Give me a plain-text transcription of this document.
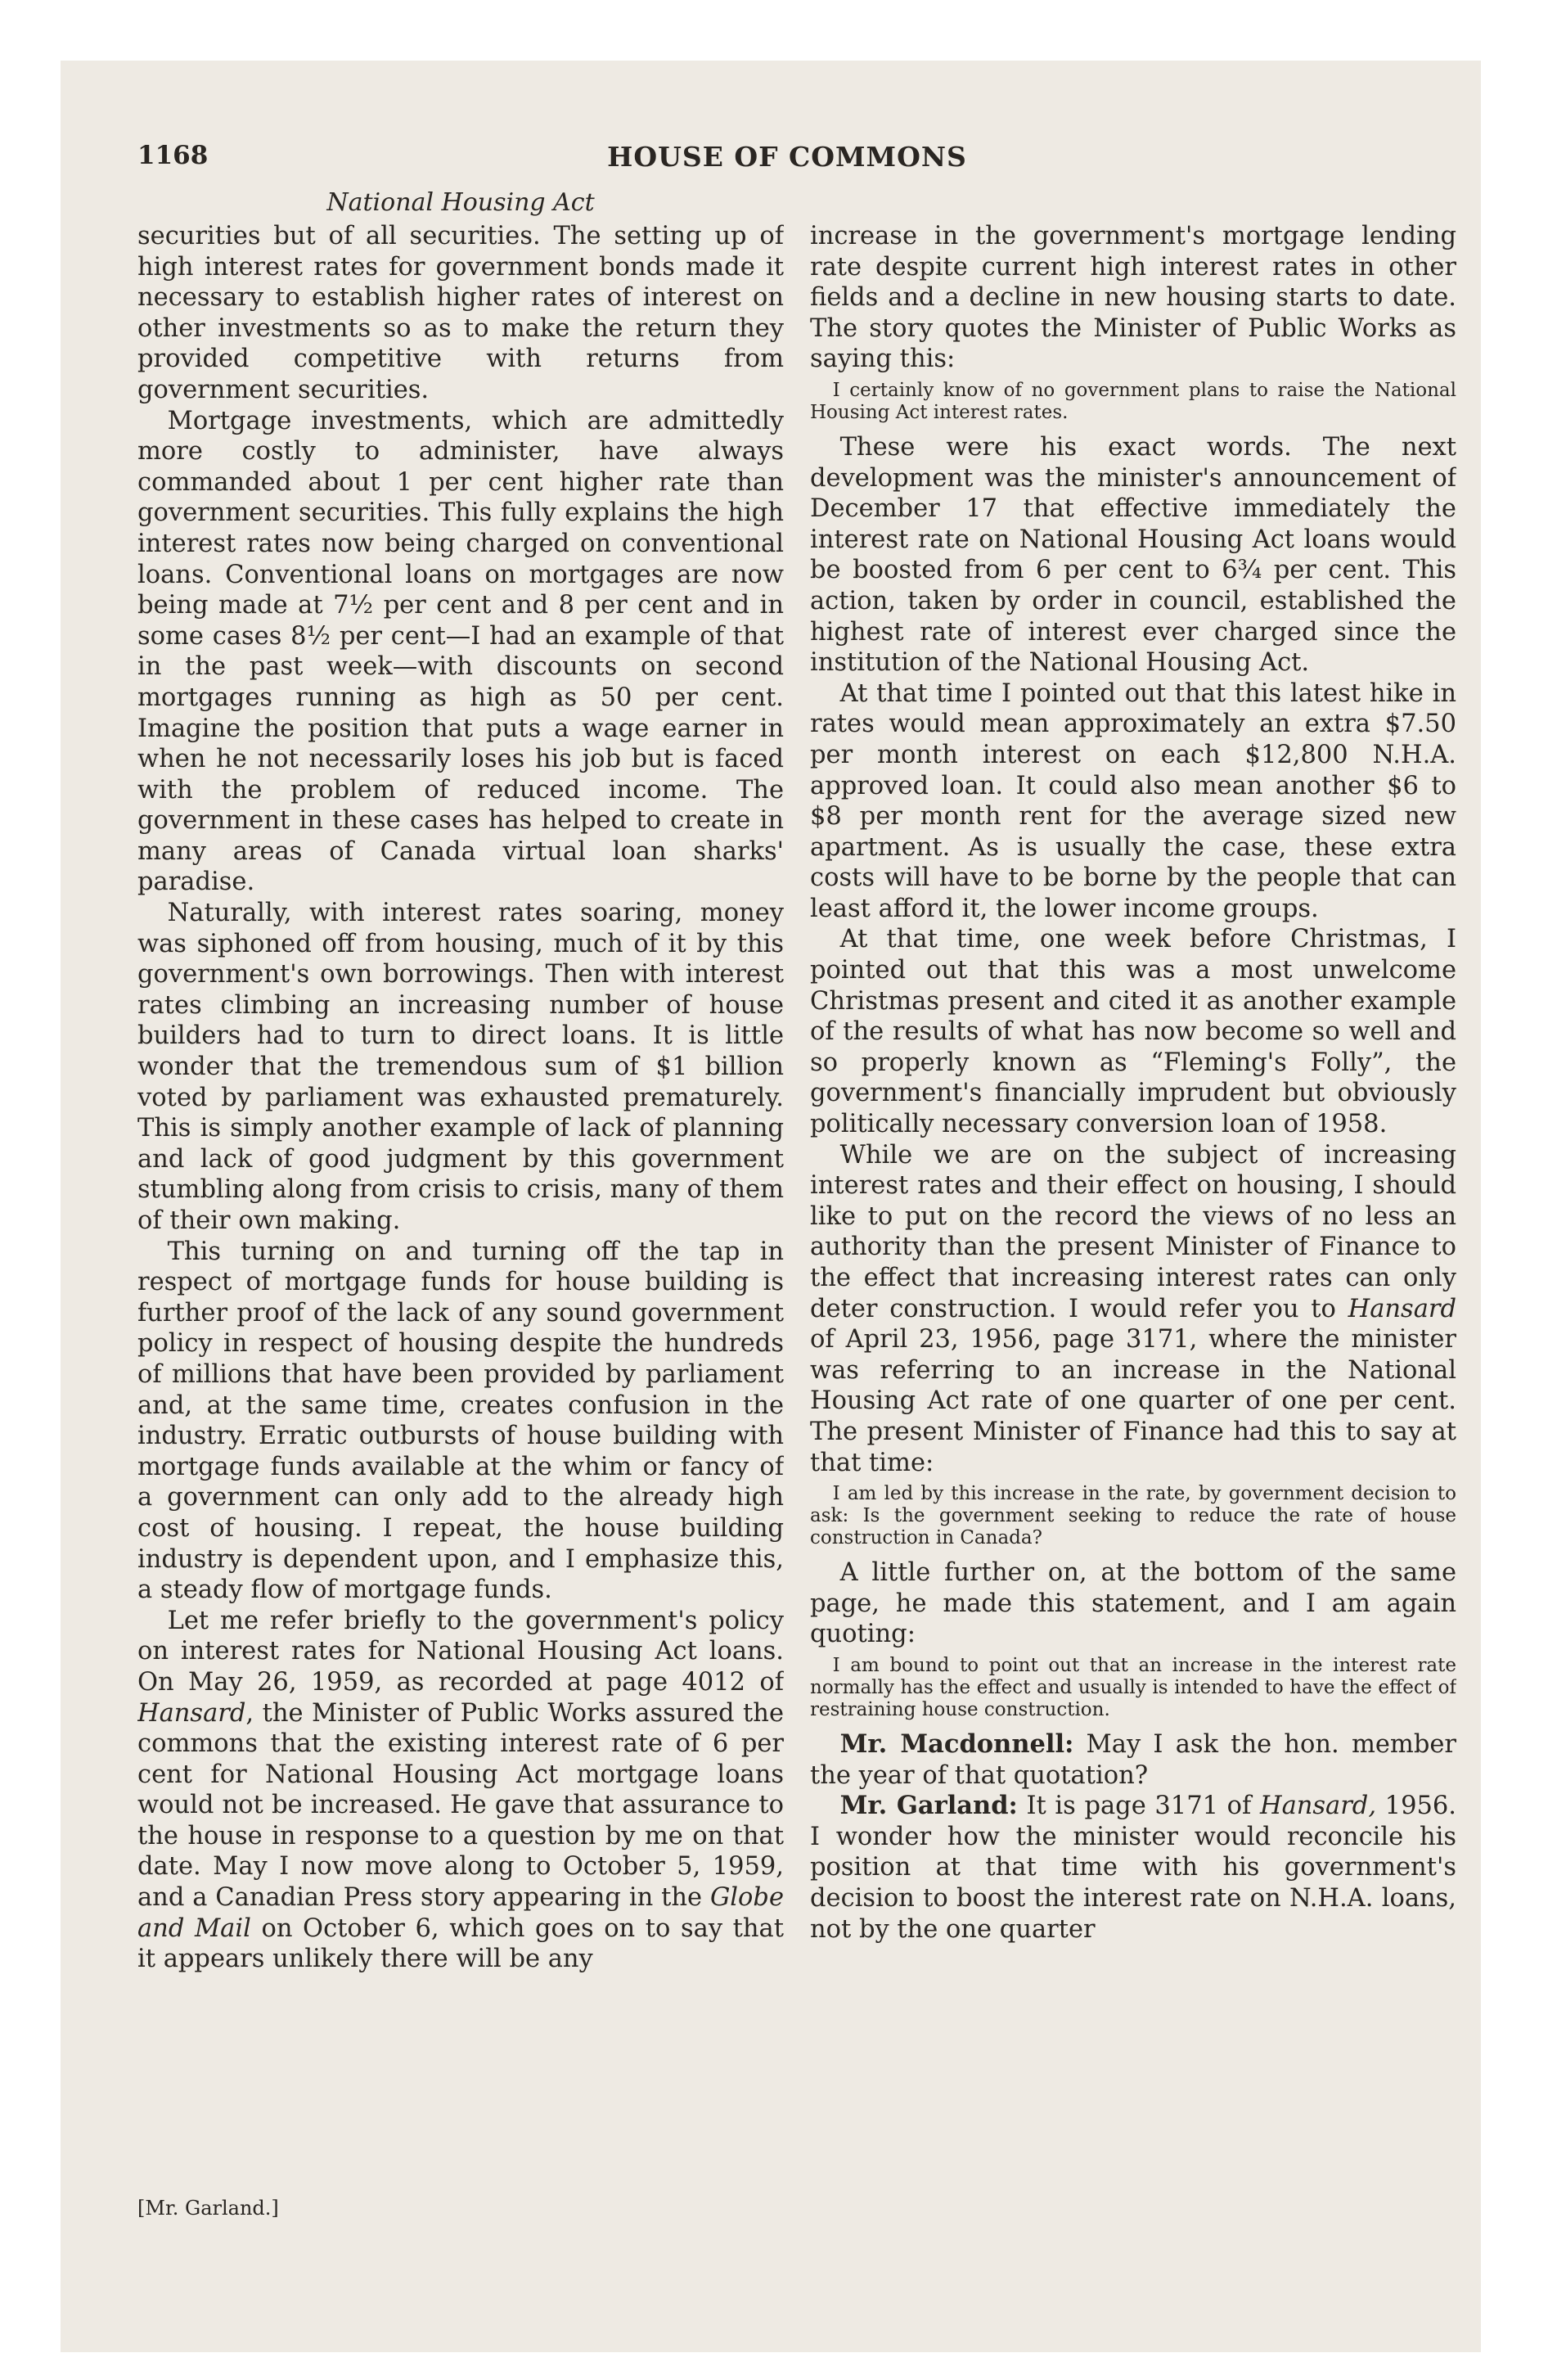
1168	HOUSE OF COMMONS
National Housing Act

securities but of all securities. The setting up of high interest rates for government bonds made it necessary to establish higher rates of interest on other investments so as to make the return they provided competitive with returns from government securities.

Mortgage investments, which are admittedly more costly to administer, have always commanded about 1 per cent higher rate than government securities. This fully explains the high interest rates now being charged on conventional loans. Conventional loans on mortgages are now being made at 7½ per cent and 8 per cent and in some cases 8½ per cent—I had an example of that in the past week—with discounts on second mortgages running as high as 50 per cent. Imagine the position that puts a wage earner in when he not necessarily loses his job but is faced with the problem of reduced income. The government in these cases has helped to create in many areas of Canada virtual loan sharks' paradise.

Naturally, with interest rates soaring, money was siphoned off from housing, much of it by this government's own borrowings. Then with interest rates climbing an increasing number of house builders had to turn to direct loans. It is little wonder that the tremendous sum of $1 billion voted by parliament was exhausted prematurely. This is simply another example of lack of planning and lack of good judgment by this government stumbling along from crisis to crisis, many of them of their own making.

This turning on and turning off the tap in respect of mortgage funds for house building is further proof of the lack of any sound government policy in respect of housing despite the hundreds of millions that have been provided by parliament and, at the same time, creates confusion in the industry. Erratic outbursts of house building with mortgage funds available at the whim or fancy of a government can only add to the already high cost of housing. I repeat, the house building industry is dependent upon, and I emphasize this, a steady flow of mortgage funds.

Let me refer briefly to the government's policy on interest rates for National Housing Act loans. On May 26, 1959, as recorded at page 4012 of Hansard, the Minister of Public Works assured the commons that the existing interest rate of 6 per cent for National Housing Act mortgage loans would not be increased. He gave that assurance to the house in response to a question by me on that date. May I now move along to October 5, 1959, and a Canadian Press story appearing in the Globe and Mail on October 6, which goes on to say that it appears unlikely there will be any

increase in the government's mortgage lending rate despite current high interest rates in other fields and a decline in new housing starts to date. The story quotes the Minister of Public Works as saying this:

I certainly know of no government plans to raise the National Housing Act interest rates.

These were his exact words. The next development was the minister's announcement of December 17 that effective immediately the interest rate on National Housing Act loans would be boosted from 6 per cent to 6¾ per cent. This action, taken by order in council, established the highest rate of interest ever charged since the institution of the National Housing Act.

At that time I pointed out that this latest hike in rates would mean approximately an extra $7.50 per month interest on each $12,800 N.H.A. approved loan. It could also mean another $6 to $8 per month rent for the average sized new apartment. As is usually the case, these extra costs will have to be borne by the people that can least afford it, the lower income groups.

At that time, one week before Christmas, I pointed out that this was a most unwelcome Christmas present and cited it as another example of the results of what has now become so well and so properly known as “Fleming's Folly”, the government's financially imprudent but obviously politically necessary conversion loan of 1958.

While we are on the subject of increasing interest rates and their effect on housing, I should like to put on the record the views of no less an authority than the present Minister of Finance to the effect that increasing interest rates can only deter construction. I would refer you to Hansard of April 23, 1956, page 3171, where the minister was referring to an increase in the National Housing Act rate of one quarter of one per cent. The present Minister of Finance had this to say at that time:

I am led by this increase in the rate, by government decision to ask: Is the government seeking to reduce the rate of house construction in Canada?

A little further on, at the bottom of the same page, he made this statement, and I am again quoting:

I am bound to point out that an increase in the interest rate normally has the effect and usually is intended to have the effect of restraining house construction.

Mr. Macdonnell: May I ask the hon. member the year of that quotation?

Mr. Garland: It is page 3171 of Hansard, 1956. I wonder how the minister would reconcile his position at that time with his government's decision to boost the interest rate on N.H.A. loans, not by the one quarter

[Mr. Garland.]
